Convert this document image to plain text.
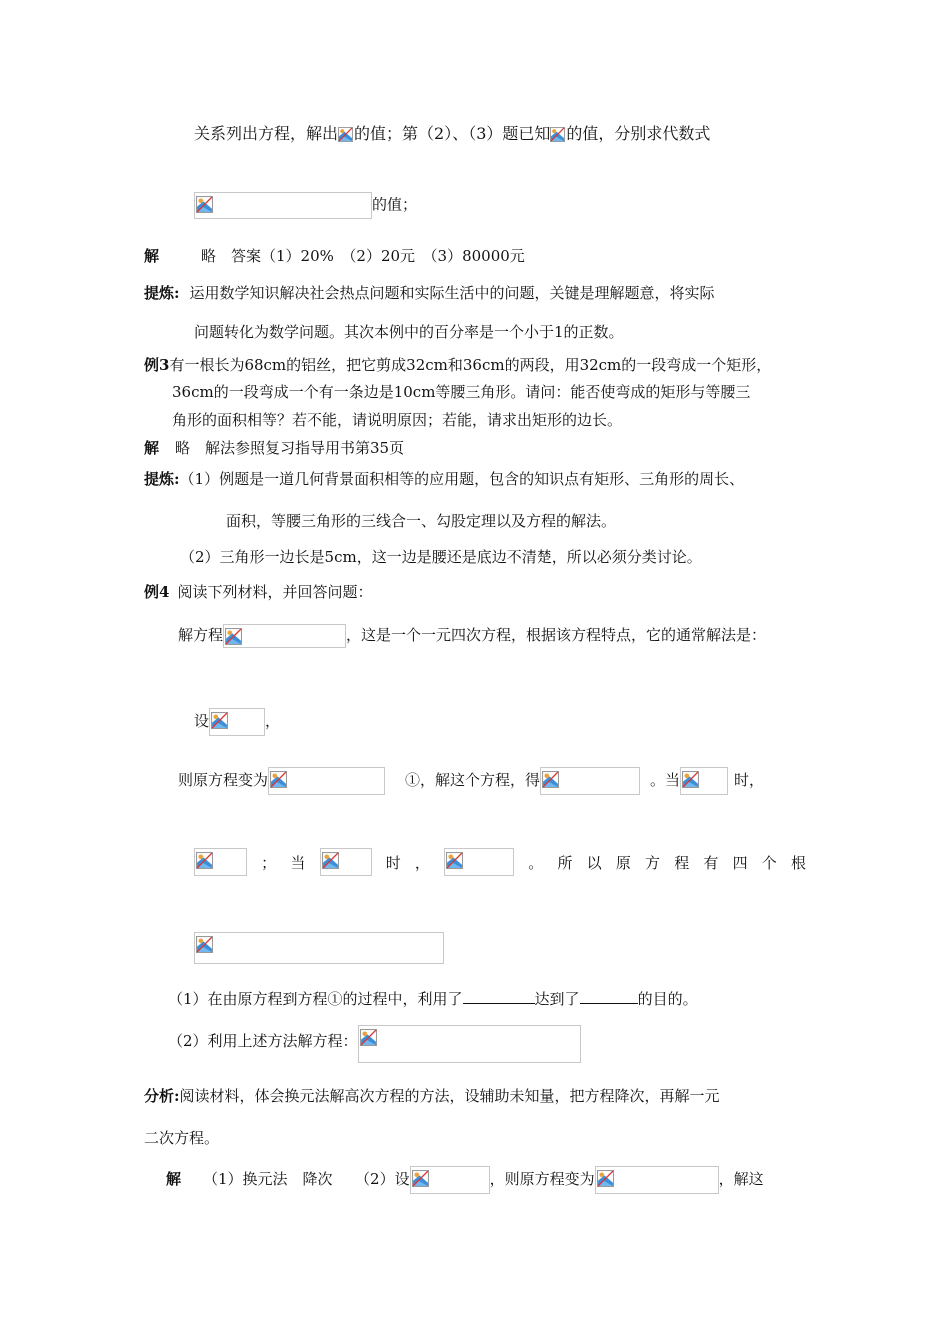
关系列出方程，解出 的值；第（2）、（3）题已知 的值，分别求代数式
的值；
解	略　答案（1）20%　（2）20元　（3）80000元
提炼: 运用数学知识解决社会热点问题和实际生活中的问题，关键是理解题意，将实际
问题转化为数学问题。其次本例中的百分率是一个小于1的正数。
例3有一根长为68cm的铝丝，把它剪成32cm和36cm的两段，用32cm的一段弯成一个矩形，
36cm的一段弯成一个有一条边是10cm等腰三角形。请问：能否使弯成的矩形与等腰三
角形的面积相等？若不能，请说明原因；若能，请求出矩形的边长。
解 略　解法参照复习指导用书第35页
提炼:（1）例题是一道几何背景面积相等的应用题，包含的知识点有矩形、三角形的周长、
面积，等腰三角形的三线合一、勾股定理以及方程的解法。
（2）三角形一边长是5cm，这一边是腰还是底边不清楚，所以必须分类讨论。
例4 阅读下列材料，并回答问题：
解方程	，这是一个一元四次方程，根据该方程特点，它的通常解法是：
设	，
则原方程变为	①，解这个方程，得	。当	时，
； 当	时 ，	。 所 以 原 方 程 有 四 个 根
（1）在由原方程到方程①的过程中，利用了	达到了	的目的。
（2）利用上述方法解方程：
分析:阅读材料，体会换元法解高次方程的方法，设辅助未知量，把方程降次，再解一元
二次方程。
解 （1）换元法　降次　　（2）设	，则原方程变为	，解这
